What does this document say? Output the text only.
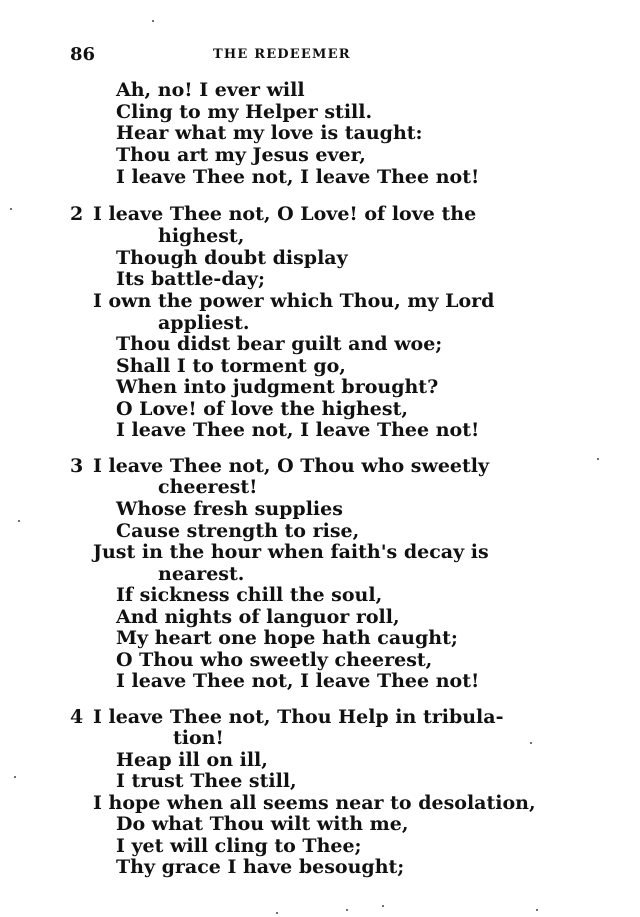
86	THE REDEEMER
Ah, no! I ever will
Cling to my Helper still.
Hear what my love is taught:
Thou art my Jesus ever,
I leave Thee not, I leave Thee not!
2 I leave Thee not, O Love! of love the
highest,
Though doubt display
Its battle-day;
I own the power which Thou, my Lord
appliest.
Thou didst bear guilt and woe;
Shall I to torment go,
When into judgment brought?
O Love! of love the highest,
I leave Thee not, I leave Thee not!
3 I leave Thee not, O Thou who sweetly
cheerest!
Whose fresh supplies
Cause strength to rise,
Just in the hour when faith's decay is
nearest.
If sickness chill the soul,
And nights of languor roll,
My heart one hope hath caught;
O Thou who sweetly cheerest,
I leave Thee not, I leave Thee not!
4 I leave Thee not, Thou Help in tribula-
tion!
Heap ill on ill,
I trust Thee still,
I hope when all seems near to desolation,
Do what Thou wilt with me,
I yet will cling to Thee;
Thy grace I have besought;
